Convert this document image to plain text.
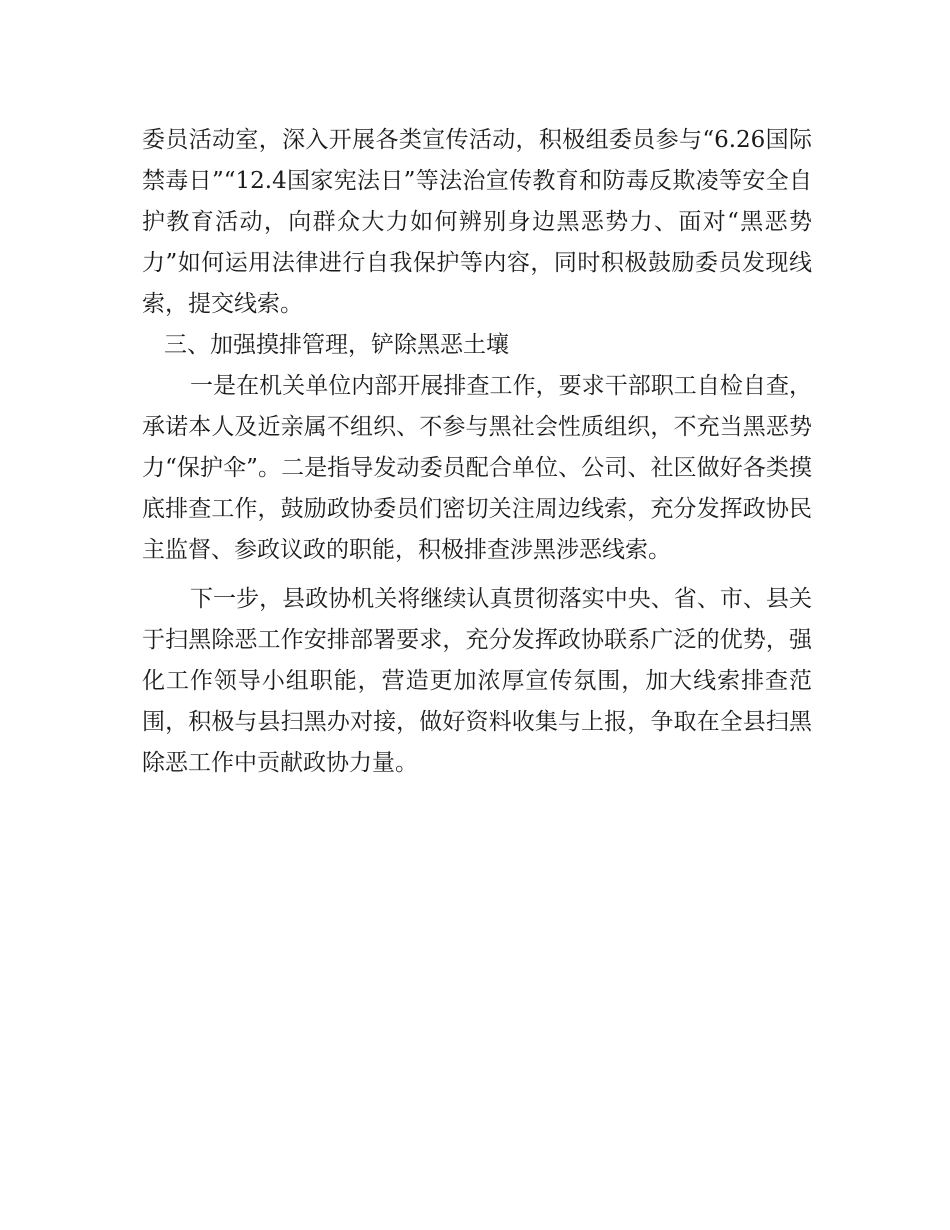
委员活动室，深入开展各类宣传活动，积极组委员参与“6.26国际禁毒日”“12.4国家宪法日”等法治宣传教育和防毒反欺凌等安全自护教育活动，向群众大力如何辨别身边黑恶势力、面对“黑恶势力”如何运用法律进行自我保护等内容，同时积极鼓励委员发现线索，提交线索。

三、加强摸排管理，铲除黑恶土壤

一是在机关单位内部开展排查工作，要求干部职工自检自查，承诺本人及近亲属不组织、不参与黑社会性质组织，不充当黑恶势力“保护伞”。二是指导发动委员配合单位、公司、社区做好各类摸底排查工作，鼓励政协委员们密切关注周边线索，充分发挥政协民主监督、参政议政的职能，积极排查涉黑涉恶线索。

下一步，县政协机关将继续认真贯彻落实中央、省、市、县关于扫黑除恶工作安排部署要求，充分发挥政协联系广泛的优势，强化工作领导小组职能，营造更加浓厚宣传氛围，加大线索排查范围，积极与县扫黑办对接，做好资料收集与上报，争取在全县扫黑除恶工作中贡献政协力量。
